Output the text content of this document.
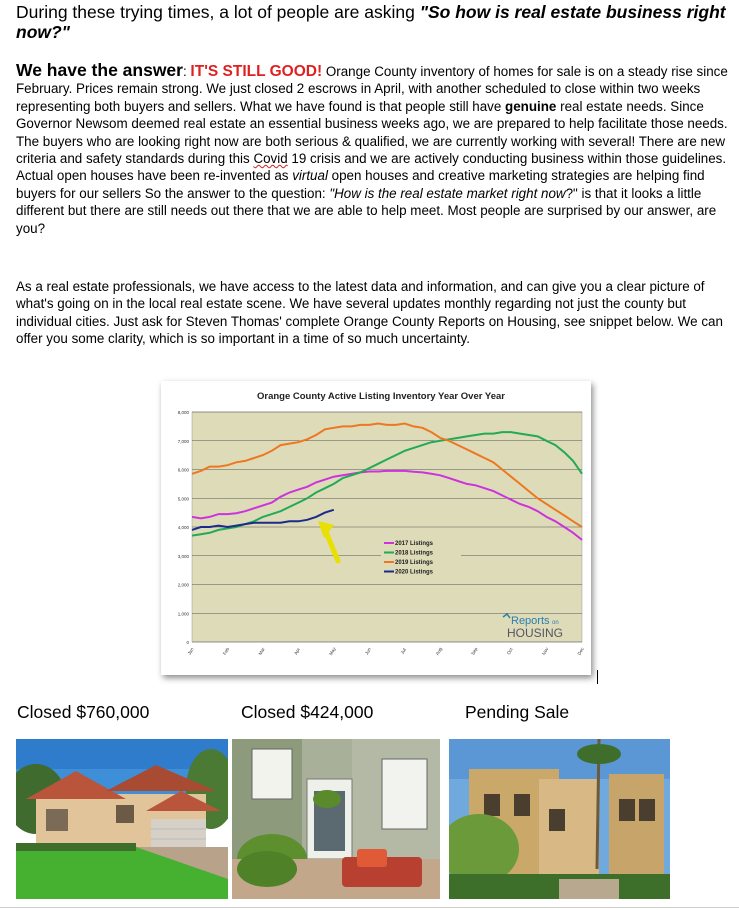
During these trying times, a lot of people are asking "So how is real estate business right now?"

We have the answer: IT'S STILL GOOD! Orange County inventory of homes for sale is on a steady rise since February. Prices remain strong. We just closed 2 escrows in April, with another scheduled to close within two weeks representing both buyers and sellers. What we have found is that people still have genuine real estate needs. Since Governor Newsom deemed real estate an essential business weeks ago, we are prepared to help facilitate those needs. The buyers who are looking right now are both serious & qualified, we are currently working with several! There are new criteria and safety standards during this Covid 19 crisis and we are actively conducting business within those guidelines. Actual open houses have been re-invented as virtual open houses and creative marketing strategies are helping find buyers for our sellers So the answer to the question: "How is the real estate market right now?" is that it looks a little different but there are still needs out there that we are able to help meet. Most people are surprised by our answer, are you?

As a real estate professionals, we have access to the latest data and information, and can give you a clear picture of what's going on in the local real estate scene. We have several updates monthly regarding not just the county but individual cities. Just ask for Steven Thomas' complete Orange County Reports on Housing, see snippet below. We can offer you some clarity, which is so important in a time of so much uncertainty.

Orange County Active Listing Inventory Year Over Year
0
1,000
2,000
3,000
4,000
5,000
6,000
7,000
8,000
Jan	Feb	Mar	Apr	May	Jun	Jul	Aug	Sep	Oct	Nov	Dec
2017 Listings
2018 Listings
2019 Listings
2020 Listings
Reports on
HOUSING
Closed $760,000	Closed $424,000	Pending Sale
